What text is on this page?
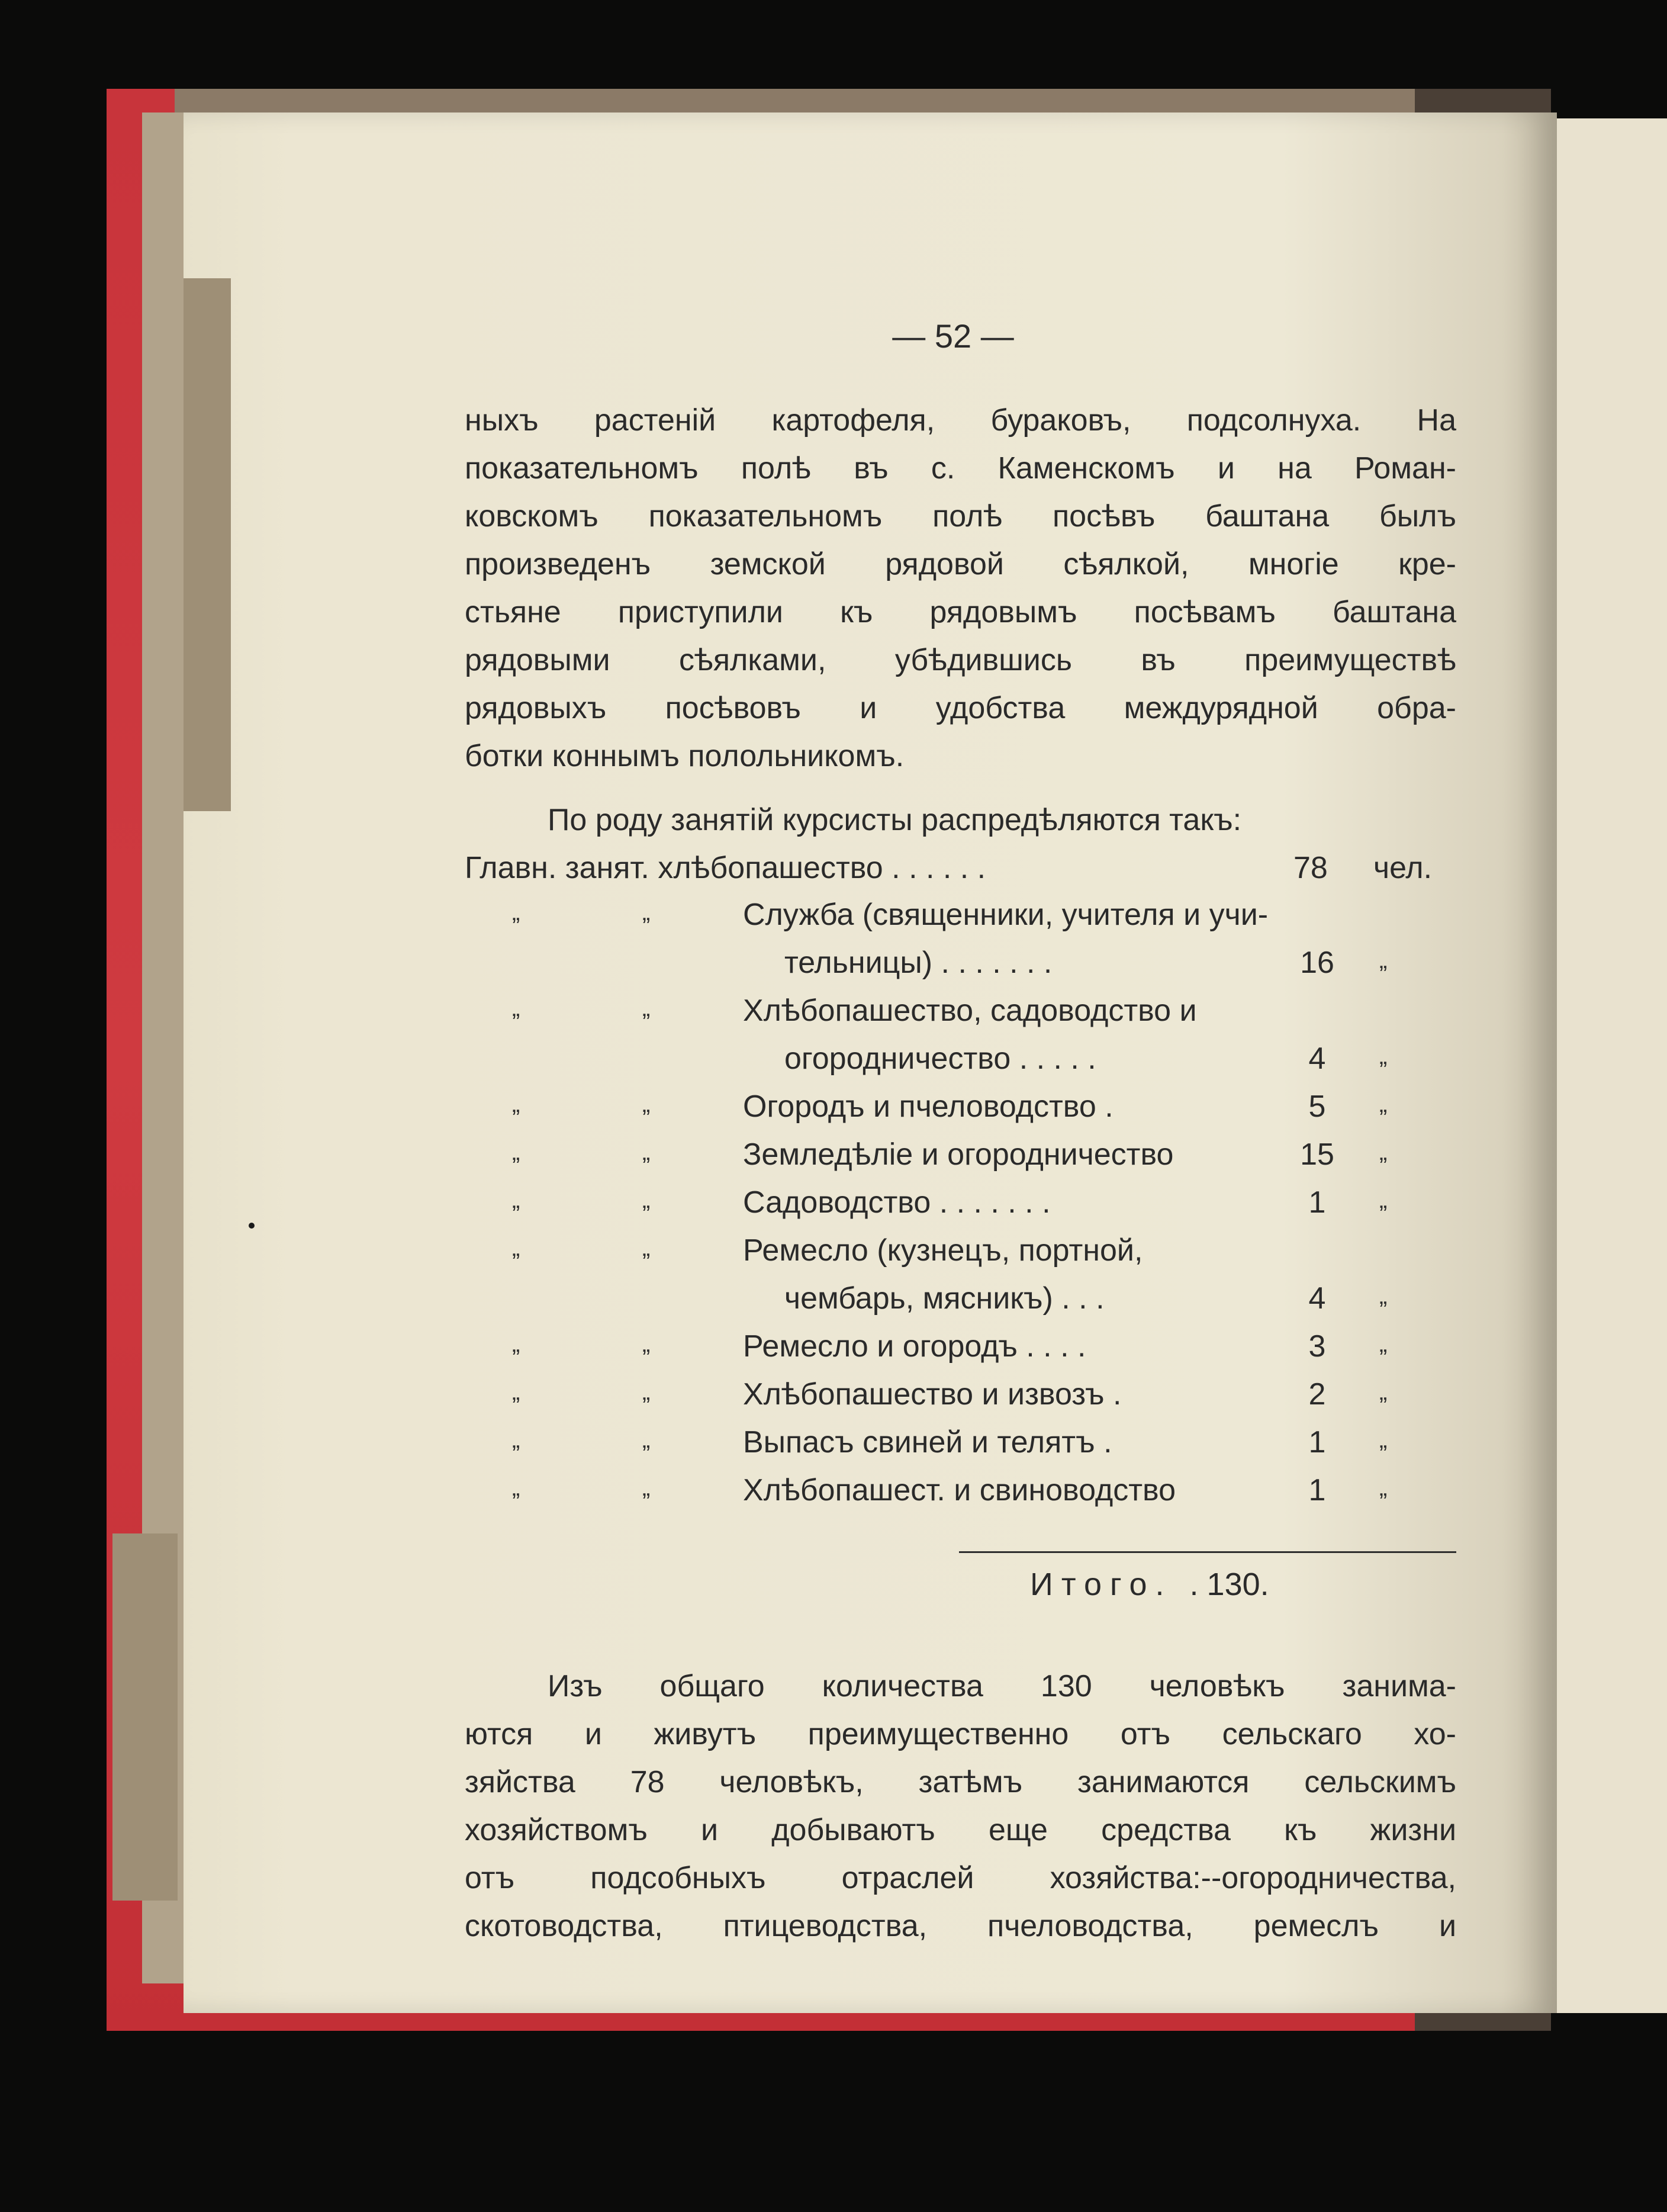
— 52 —
ныхъ растеній картофеля, бураковъ, подсолнуха. На
показательномъ полѣ въ с. Каменскомъ и на Роман-
ковскомъ показательномъ полѣ посѣвъ баштана былъ
произведенъ земской рядовой сѣялкой, многіе кре-
стьяне приступили къ рядовымъ посѣвамъ баштана
рядовыми сѣялками, убѣдившись въ преимуществѣ
рядовыхъ посѣвовъ и удобства междурядной обра-
ботки коннымъ полольникомъ.
По роду занятій курсисты распредѣляются такъ:
Главн. занят. хлѣбопашество . . . . . .	78 чел.
„	„	Служба (священники, учителя и учи-
тельницы) . . . . . . .	16 „
„	„	Хлѣбопашество, садоводство и
огородничество . . . . .	4	„
„	„	Огородъ и пчеловодство .	5	„
„	„	Земледѣліе и огородничество	15 „
„	„	Садоводство . . . . . . .	1	„
„	„	Ремесло (кузнецъ, портной,
чембарь, мясникъ) . . .	4	„
„	„	Ремесло и огородъ . . . .	3	„
„	„	Хлѣбопашество и извозъ .	2	„
„	„	Выпасъ свиней и телятъ .	1	„
„	„	Хлѣбопашест. и свиноводство	1	„
Итого. .130.
Изъ общаго количества 130 человѣкъ занима-
ются и живутъ преимущественно отъ сельскаго хо-
зяйства 78 человѣкъ, затѣмъ занимаются сельскимъ
хозяйствомъ и добываютъ еще средства къ жизни
отъ подсобныхъ отраслей хозяйства:--огородничества,
скотоводства, птицеводства, пчеловодства, ремеслъ и
